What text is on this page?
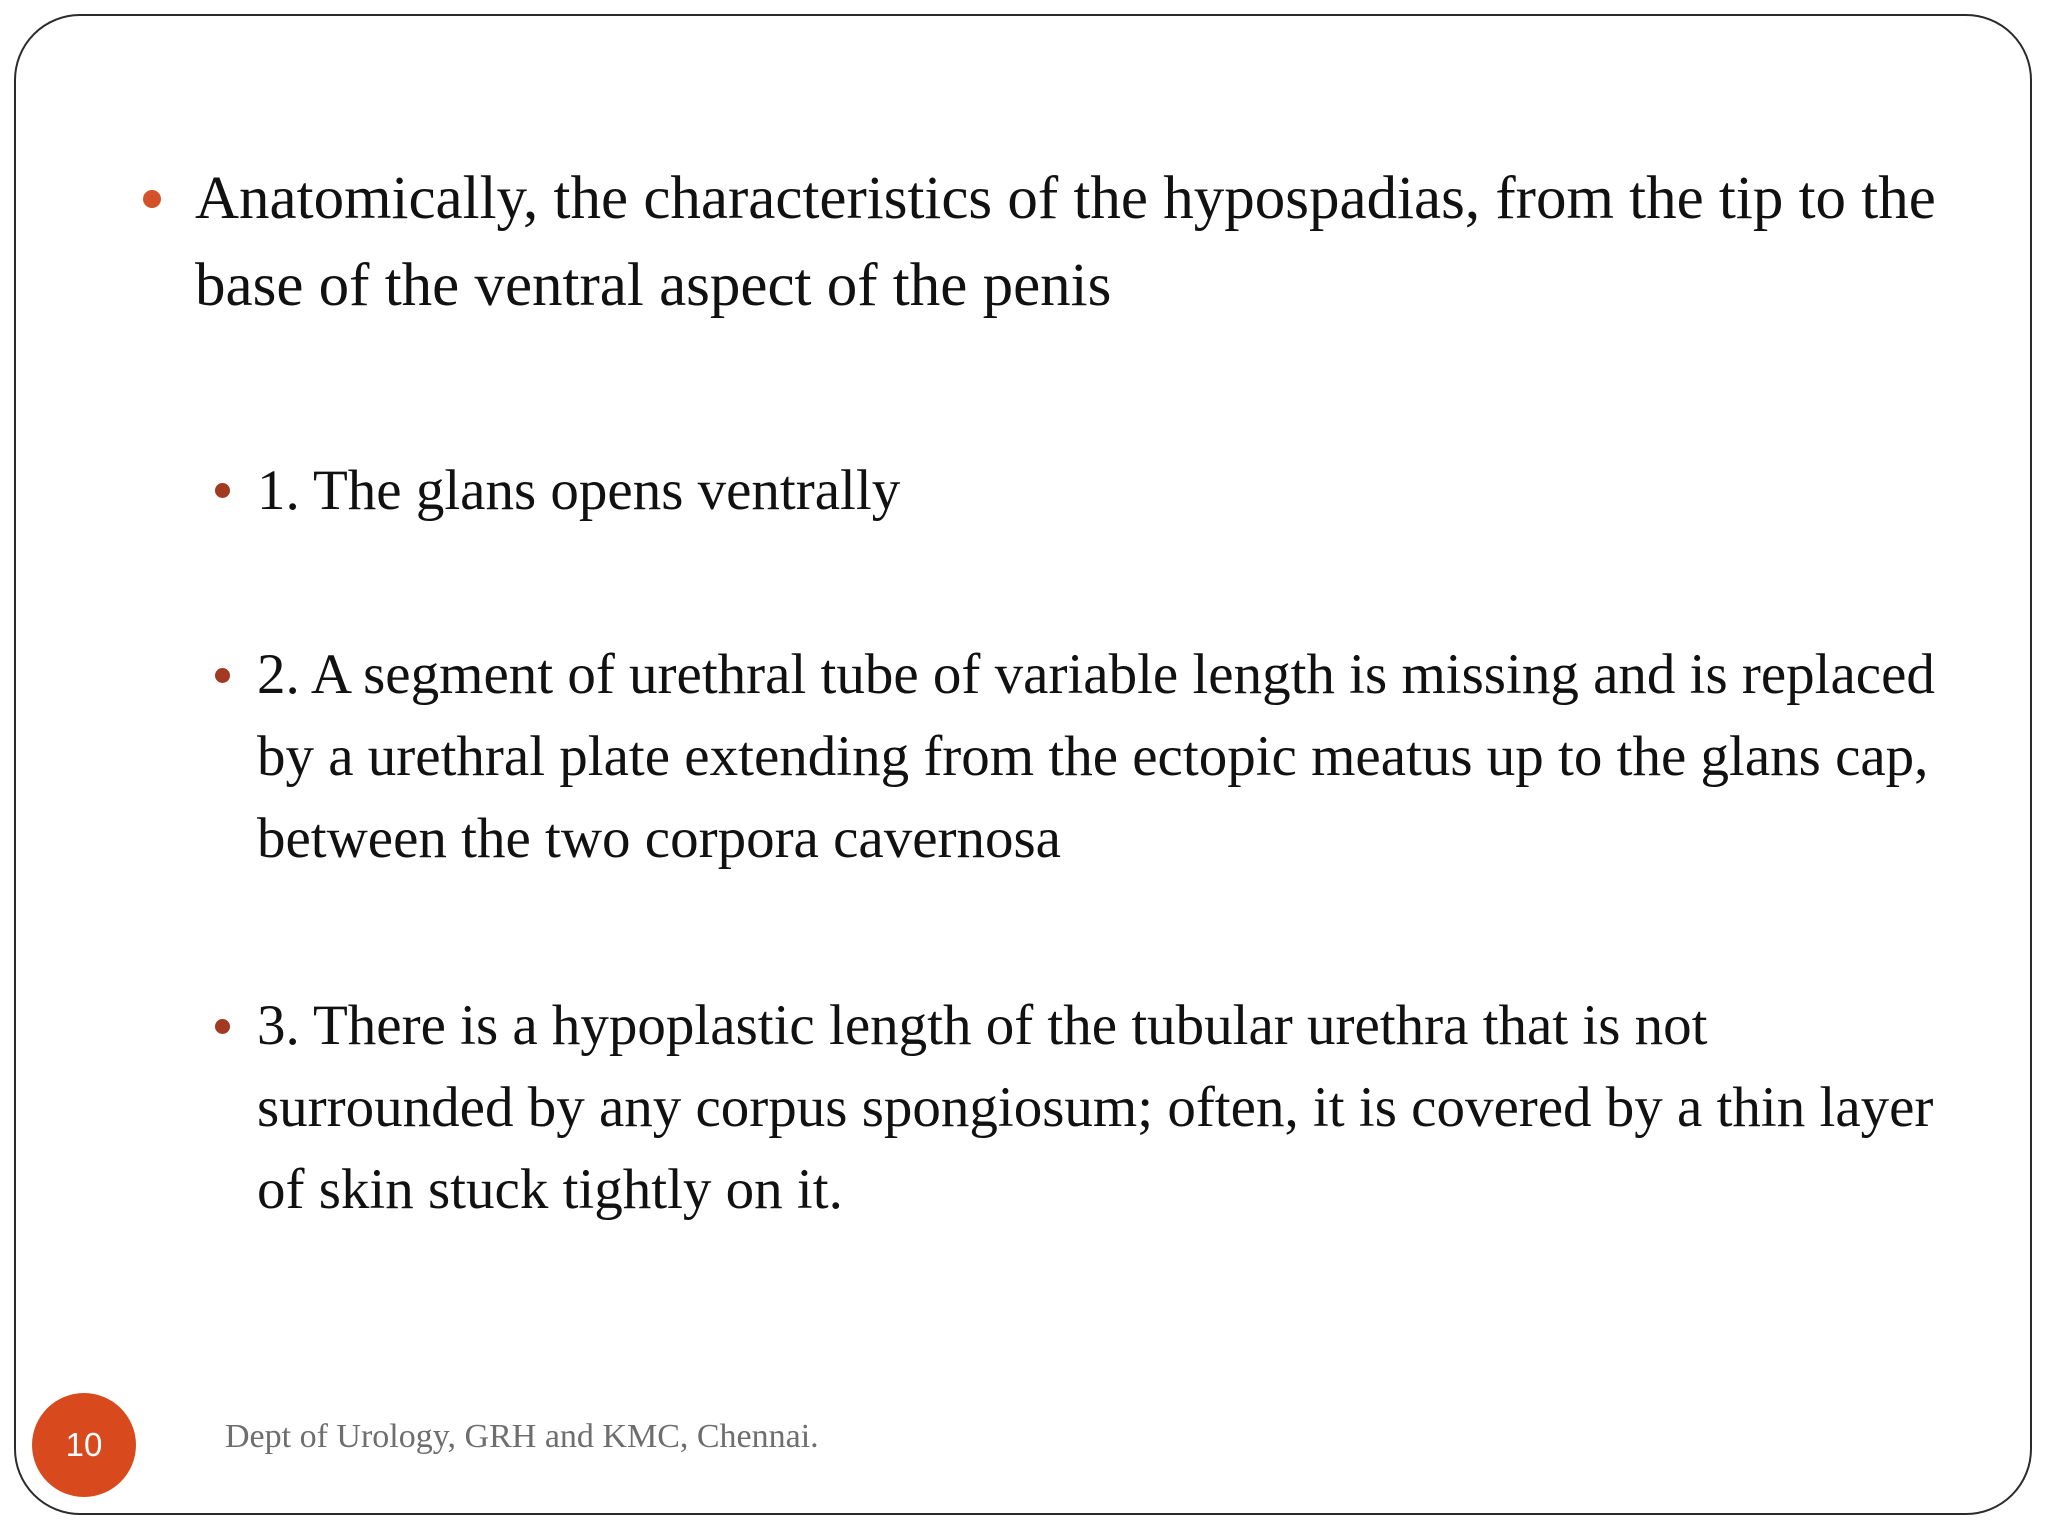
Anatomically, the characteristics of the hypospadias, from the tip to the base of the ventral aspect of the penis

1. The glans opens ventrally

2. A segment of urethral tube of variable length is missing and is replaced by a urethral plate extending from the ectopic meatus up to the glans cap, between the two corpora cavernosa

3. There is a hypoplastic length of the tubular urethra that is not surrounded by any corpus spongiosum; often, it is covered by a thin layer of skin stuck tightly on it.

10	Dept of Urology, GRH and KMC, Chennai.
